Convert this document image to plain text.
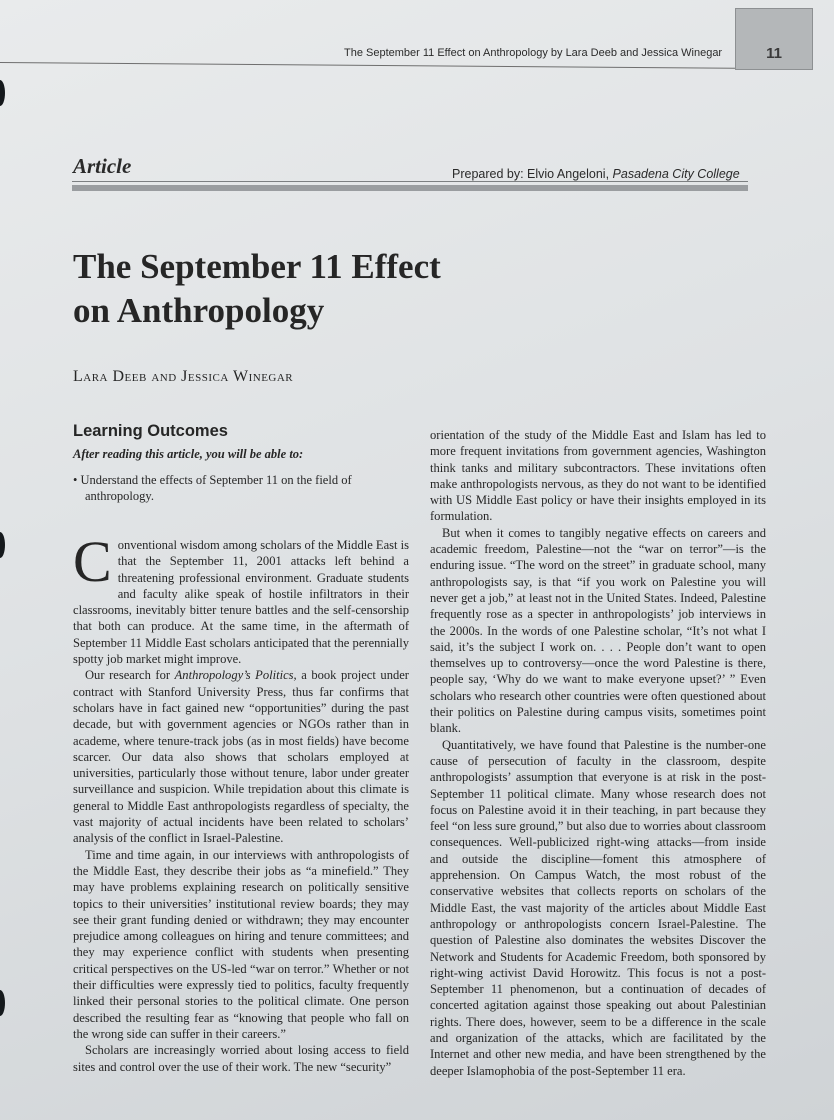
The September 11 Effect on Anthropology by Lara Deeb and Jessica Winegar	11
Article	Prepared by: Elvio Angeloni, Pasadena City College
The September 11 Effect
on Anthropology
Lara Deeb and Jessica Winegar
Learning Outcomes

After reading this article, you will be able to:

• Understand the effects of September 11 on the field of anthropology.

Conventional wisdom among scholars of the Middle East is that the September 11, 2001 attacks left behind a threatening professional environment. Graduate students and faculty alike speak of hostile infiltrators in their classrooms, inevitably bitter tenure battles and the self-censorship that both can produce. At the same time, in the aftermath of September 11 Middle East scholars anticipated that the perennially spotty job market might improve.

Our research for Anthropology’s Politics, a book project under contract with Stanford University Press, thus far confirms that scholars have in fact gained new “opportunities” during the past decade, but with government agencies or NGOs rather than in academe, where tenure-track jobs (as in most fields) have become scarcer. Our data also shows that scholars employed at universities, particularly those without tenure, labor under greater surveillance and suspicion. While trepidation about this climate is general to Middle East anthropologists regardless of specialty, the vast majority of actual incidents have been related to scholars’ analysis of the conflict in Israel-Palestine.

Time and time again, in our interviews with anthropologists of the Middle East, they describe their jobs as “a minefield.” They may have problems explaining research on politically sensitive topics to their universities’ institutional review boards; they may see their grant funding denied or withdrawn; they may encounter prejudice among colleagues on hiring and tenure committees; and they may experience conflict with students when presenting critical perspectives on the US-led “war on terror.” Whether or not their difficulties were expressly tied to politics, faculty frequently linked their personal stories to the political climate. One person described the resulting fear as “knowing that people who fall on the wrong side can suffer in their careers.”

Scholars are increasingly worried about losing access to field sites and control over the use of their work. The new “security”

orientation of the study of the Middle East and Islam has led to more frequent invitations from government agencies, Washington think tanks and military subcontractors. These invitations often make anthropologists nervous, as they do not want to be identified with US Middle East policy or have their insights employed in its formulation.

But when it comes to tangibly negative effects on careers and academic freedom, Palestine—not the “war on terror”—is the enduring issue. “The word on the street” in graduate school, many anthropologists say, is that “if you work on Palestine you will never get a job,” at least not in the United States. Indeed, Palestine frequently rose as a specter in anthropologists’ job interviews in the 2000s. In the words of one Palestine scholar, “It’s not what I said, it’s the subject I work on. . . . People don’t want to open themselves up to controversy—once the word Palestine is there, people say, ‘Why do we want to make everyone upset?’ ” Even scholars who research other countries were often questioned about their politics on Palestine during campus visits, sometimes point blank.

Quantitatively, we have found that Palestine is the number-one cause of persecution of faculty in the classroom, despite anthropologists’ assumption that everyone is at risk in the post-September 11 political climate. Many whose research does not focus on Palestine avoid it in their teaching, in part because they feel “on less sure ground,” but also due to worries about classroom consequences. Well-publicized right-wing attacks—from inside and outside the discipline—foment this atmosphere of apprehension. On Campus Watch, the most robust of the conservative websites that collects reports on scholars of the Middle East, the vast majority of the articles about Middle East anthropology or anthropologists concern Israel-Palestine. The question of Palestine also dominates the websites Discover the Network and Students for Academic Freedom, both sponsored by right-wing activist David Horowitz. This focus is not a post-September 11 phenomenon, but a continuation of decades of concerted agitation against those speaking out about Palestinian rights. There does, however, seem to be a difference in the scale and organization of the attacks, which are facilitated by the Internet and other new media, and have been strengthened by the deeper Islamophobia of the post-September 11 era.
